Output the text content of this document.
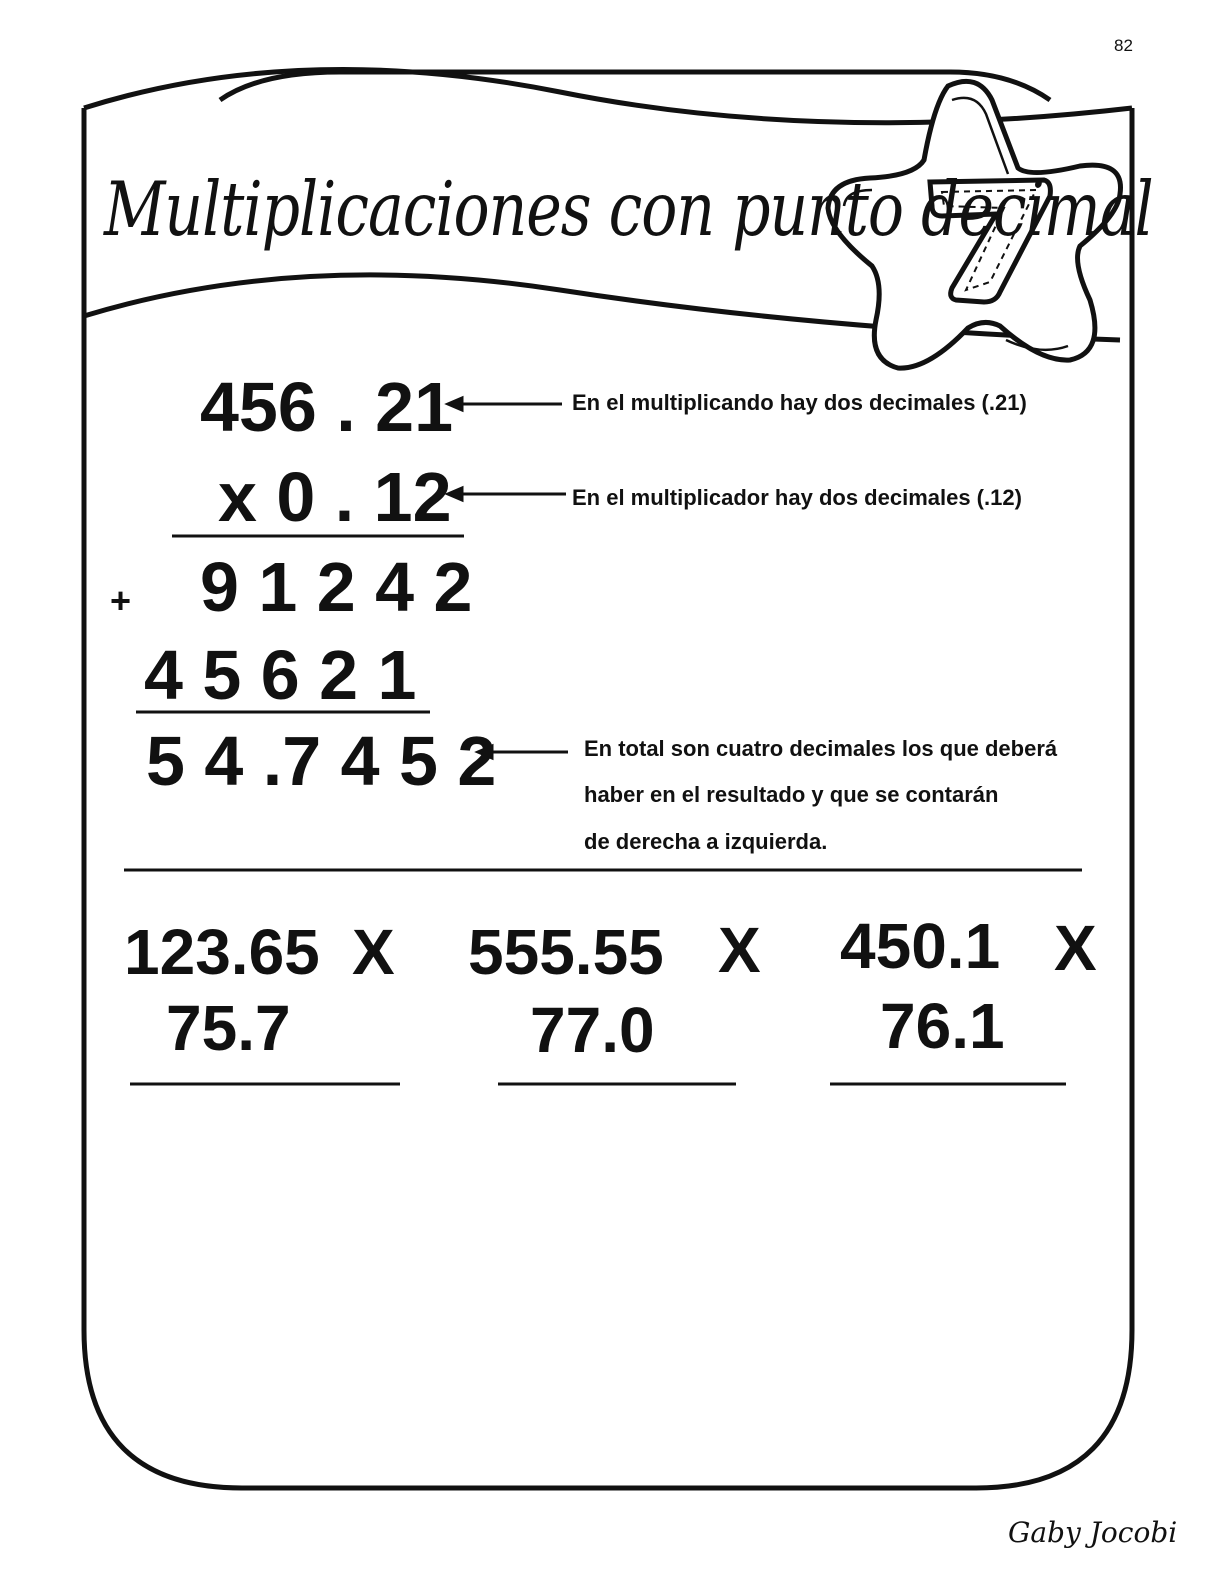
82
Multiplicaciones con punto decimal
456 . 21
x 0 . 12
9 1 2 4 2
+
4 5 6 2 1
5 4 .7 4 5 2
En el multiplicando hay dos decimales (.21)
En el multiplicador hay dos decimales (.12)
En total son cuatro decimales los que deberá
haber en el resultado y que se contarán
de derecha a izquierda.
123.65 X
75.7
555.55 X
77.0
450.1 X
76.1
Gaby Jocobi
